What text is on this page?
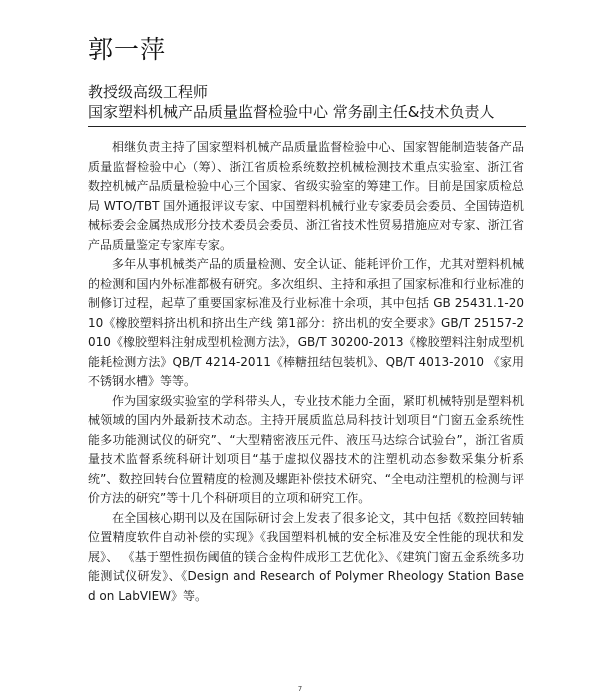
郭一萍
教授级高级工程师
国家塑料机械产品质量监督检验中心 常务副主任&技术负责人

相继负责主持了国家塑料机械产品质量监督检验中心、国家智能制造装备产品质量监督检验中心（筹）、浙江省质检系统数控机械检测技术重点实验室、浙江省数控机械产品质量检验中心三个国家、省级实验室的筹建工作。目前是国家质检总局 WTO/TBT 国外通报评议专家、中国塑料机械行业专家委员会委员、全国铸造机械标委会金属热成形分技术委员会委员、浙江省技术性贸易措施应对专家、浙江省产品质量鉴定专家库专家。

多年从事机械类产品的质量检测、安全认证、能耗评价工作，尤其对塑料机械的检测和国内外标准都极有研究。多次组织、主持和承担了国家标准和行业标准的制修订过程，起草了重要国家标准及行业标准十余项，其中包括 GB 25431.1-2010《橡胶塑料挤出机和挤出生产线 第1部分：挤出机的安全要求》GB/T 25157-2010《橡胶塑料注射成型机检测方法》，GB/T 30200-2013《橡胶塑料注射成型机能耗检测方法》QB/T 4214-2011《棒糖扭结包装机》、QB/T 4013-2010 《家用不锈钢水槽》等等。

作为国家级实验室的学科带头人，专业技术能力全面，紧盯机械特别是塑料机械领域的国内外最新技术动态。主持开展质监总局科技计划项目“门窗五金系统性能多功能测试仪的研究”、“大型精密液压元件、液压马达综合试验台”，浙江省质量技术监督系统科研计划项目“基于虚拟仪器技术的注塑机动态参数采集分析系统”、数控回转台位置精度的检测及螺距补偿技术研究、“全电动注塑机的检测与评价方法的研究”等十几个科研项目的立项和研究工作。

在全国核心期刊以及在国际研讨会上发表了很多论文，其中包括《数控回转轴位置精度软件自动补偿的实现》《我国塑料机械的安全标准及安全性能的现状和发展》、 《基于塑性损伤阈值的镁合金构件成形工艺优化》、《建筑门窗五金系统多功能测试仪研发》、《Design and Research of Polymer Rheology Station Based on LabVIEW》等。

7
